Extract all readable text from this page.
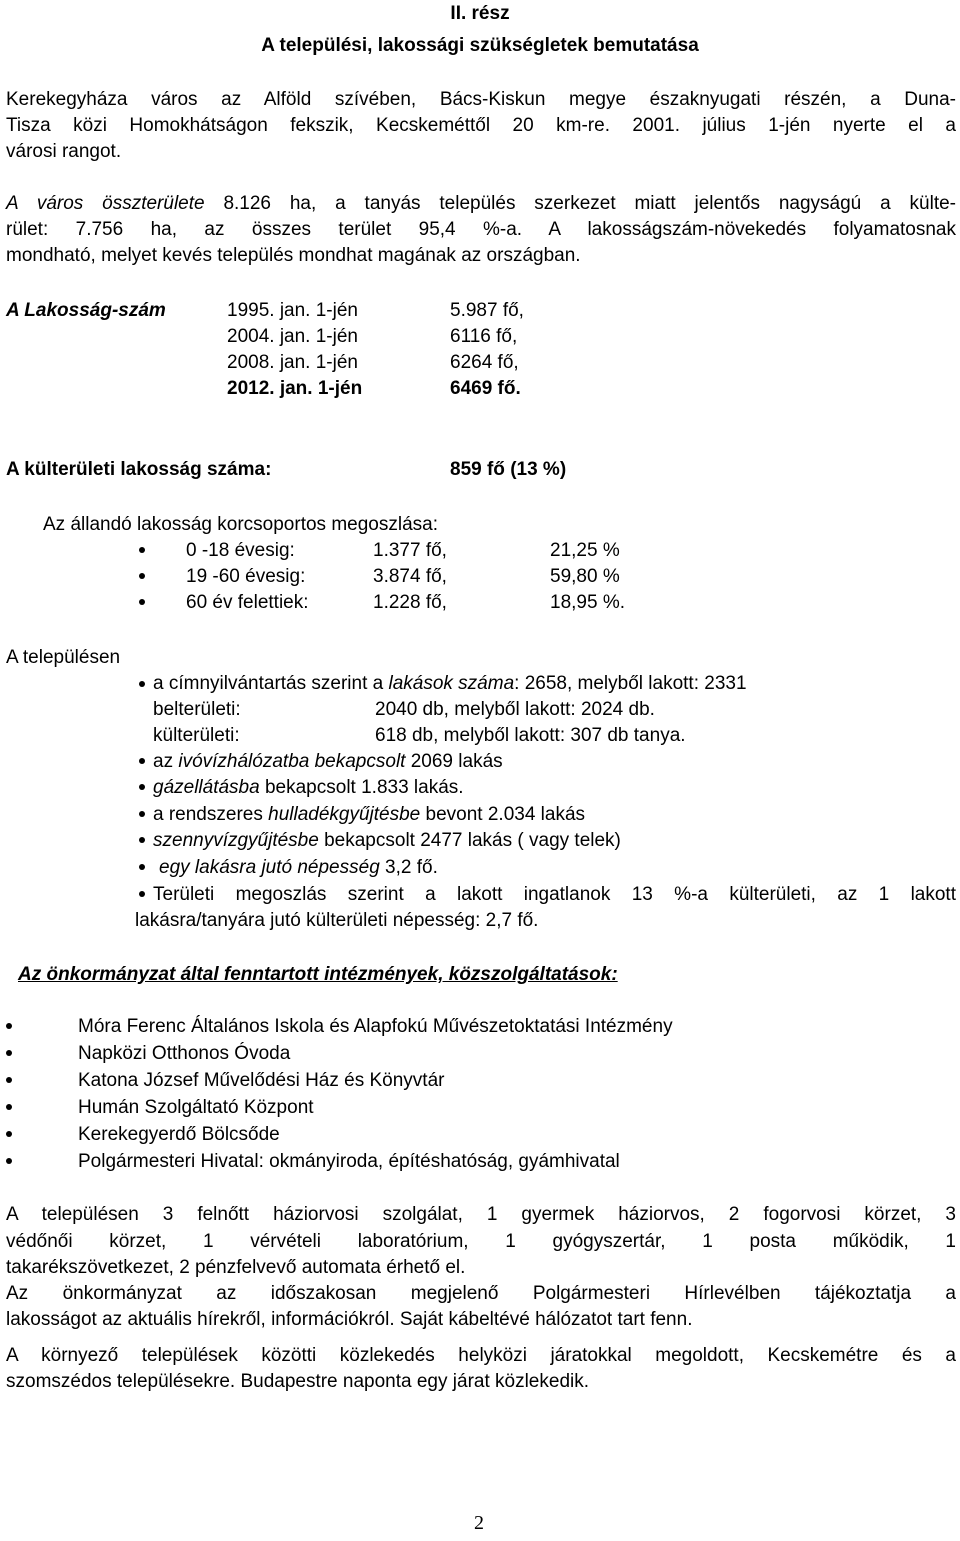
II. rész
A települési, lakossági szükségletek bemutatása
Kerekegyháza város az Alföld szívében, Bács-Kiskun megye északnyugati részén, a Duna-
Tisza közi Homokhátságon fekszik, Kecskeméttől 20 km-re. 2001. július 1-jén nyerte el a
városi rangot.
A város összterülete 8.126 ha, a tanyás település szerkezet miatt jelentős nagyságú a külte-
rület: 7.756 ha, az összes terület 95,4 %-a. A lakosságszám-növekedés folyamatosnak
mondható, melyet kevés település mondhat magának az országban.
A Lakosság-szám	1995. jan. 1-jén	5.987 fő,
2004. jan. 1-jén	6116 fő,
2008. jan. 1-jén	6264 fő,
2012. jan. 1-jén	6469 fő.
A külterületi lakosság száma:	859 fő (13 %)
Az állandó lakosság korcsoportos megoszlása:
0 -18 évesig:	1.377 fő,	21,25 %
19 -60 évesig:	3.874 fő,	59,80 %
60 év felettiek:	1.228 fő,	18,95 %.
A településen
a címnyilvántartás szerint a lakások száma: 2658, melyből lakott: 2331
belterületi:	2040 db, melyből lakott: 2024 db.
külterületi:	618 db, melyből lakott: 307 db tanya.
az ivóvízhálózatba bekapcsolt 2069 lakás
gázellátásba bekapcsolt 1.833 lakás.
a rendszeres hulladékgyűjtésbe bevont 2.034 lakás
szennyvízgyűjtésbe bekapcsolt 2477 lakás ( vagy telek)
egy lakásra jutó népesség 3,2 fő.
Területi megoszlás szerint a lakott ingatlanok 13 %-a külterületi, az 1 lakott
lakásra/tanyára jutó külterületi népesség: 2,7 fő.
Az önkormányzat által fenntartott intézmények, közszolgáltatások:
Móra Ferenc Általános Iskola és Alapfokú Művészetoktatási Intézmény
Napközi Otthonos Óvoda
Katona József Művelődési Ház és Könyvtár
Humán Szolgáltató Központ
Kerekegyerdő Bölcsőde
Polgármesteri Hivatal: okmányiroda, építéshatóság, gyámhivatal
A településen 3 felnőtt háziorvosi szolgálat, 1 gyermek háziorvos, 2 fogorvosi körzet, 3
védőnői körzet, 1 vérvételi laboratórium, 1 gyógyszertár, 1 posta működik, 1
takarékszövetkezet, 2 pénzfelvevő automata érhető el.
Az önkormányzat az időszakosan megjelenő Polgármesteri Hírlevélben tájékoztatja a
lakosságot az aktuális hírekről, információkról. Saját kábeltévé hálózatot tart fenn.
A környező települések közötti közlekedés helyközi járatokkal megoldott, Kecskemétre és a
szomszédos településekre. Budapestre naponta egy járat közlekedik.
2
